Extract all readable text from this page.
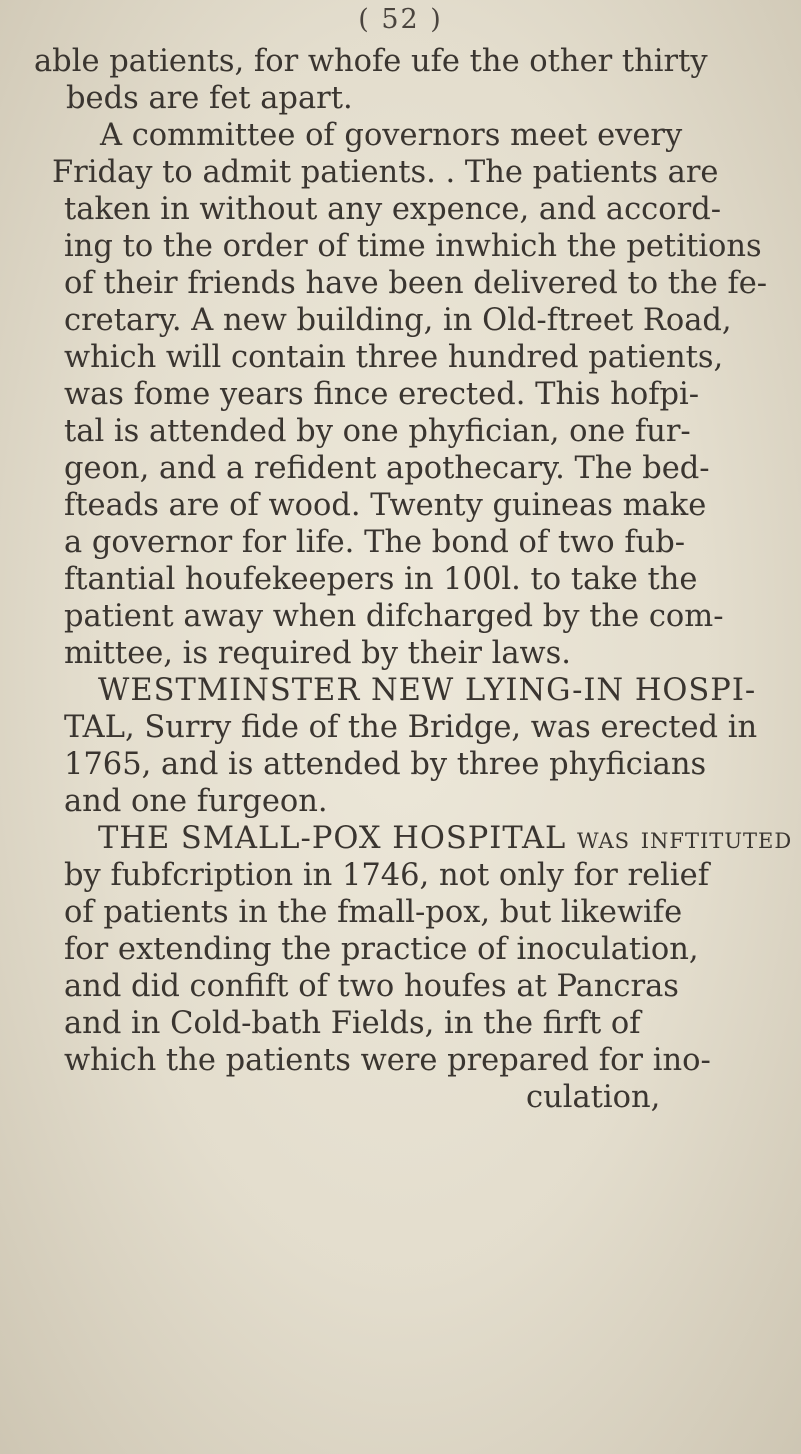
( 52 )
able patients, for whofe ufe the other thirty
beds are fet apart.
A committee of governors meet every
Friday to admit patients. . The patients are
taken in without any expence, and accord-
ing to the order of time inwhich the petitions
of their friends have been delivered to the fe-
cretary. A new building, in Old-ftreet Road,
which will contain three hundred patients,
was fome years fince erected. This hofpi-
tal is attended by one phyfician, one fur-
geon, and a refident apothecary. The bed-
fteads are of wood. Twenty guineas make
a governor for life. The bond of two fub-
ftantial houfekeepers in 100l. to take the
patient away when difcharged by the com-
mittee, is required by their laws.
WESTMINSTER NEW LYING-IN HOSPI-
TAL, Surry fide of the Bridge, was erected in
1765, and is attended by three phyficians
and one furgeon.
THE SMALL-POX HOSPITAL was inftituted
by fubfcription in 1746, not only for relief
of patients in the fmall-pox, but likewife
for extending the practice of inoculation,
and did confift of two houfes at Pancras
and in Cold-bath Fields, in the firft of
which the patients were prepared for ino-
culation,
